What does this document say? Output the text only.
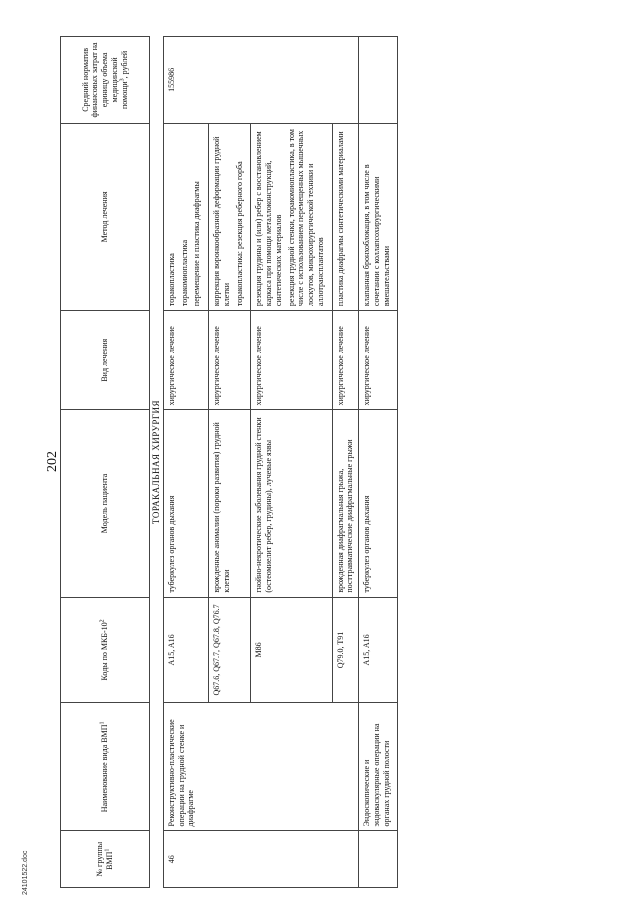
202
24101522.doc	№ группы ВМП$^1$	Наименование вида ВМП$^1$	Коды по МКБ-$10^2$	Модель пациента	Вид лечения	Метод лечения	Средний норматив финансовых затрат на единицу объема медицинской помощи$^3$, рублей
ТОРАКАЛЬНАЯ ХИРУРГИЯ						
46	Реконструктивно-пластические операции на грудной стенке и диафрагме	A15, A16	туберкулез органов дыхания	хирургическое лечение	торакопластика торакомиопластика перемещение и пластика диафрагмы	155986
		Q67.6, Q67.7, Q67.8, Q76.7	врожденные аномалии (пороки развития) грудной клетки	хирургическое лечение	коррекция воронкообразной деформации грудной клетки торакопластика: резекция реберного горба	

		M86	гнойно-некротические заболевания грудной стенки (остеомиелит ребер, грудины), лучевые язвы	хирургическое лечение	резекция грудины и (или) ребер с восстановлением каркаса при помощи металлоконструкций, синтетических материалов резекция грудной стенки, торакомиопластика, в том числе с использованием перемещенных мышечных лоскутов, микрохирургической техники и аллотрансплантатов	

		Q79.0, T91	врожденная диафрагмальная грыжа, посттравматические диафрагмальные грыжи	хирургическое лечение	пластика диафрагмы синтетическими материалами	

	Эндоскопические и эндоваскулярные операции на органах грудной полости	A15, A16	туберкулез органов дыхания	хирургическое лечение	клапанная бронхоблокация, в том числе в сочетании с коллапсохирургическими вмешательствами	
